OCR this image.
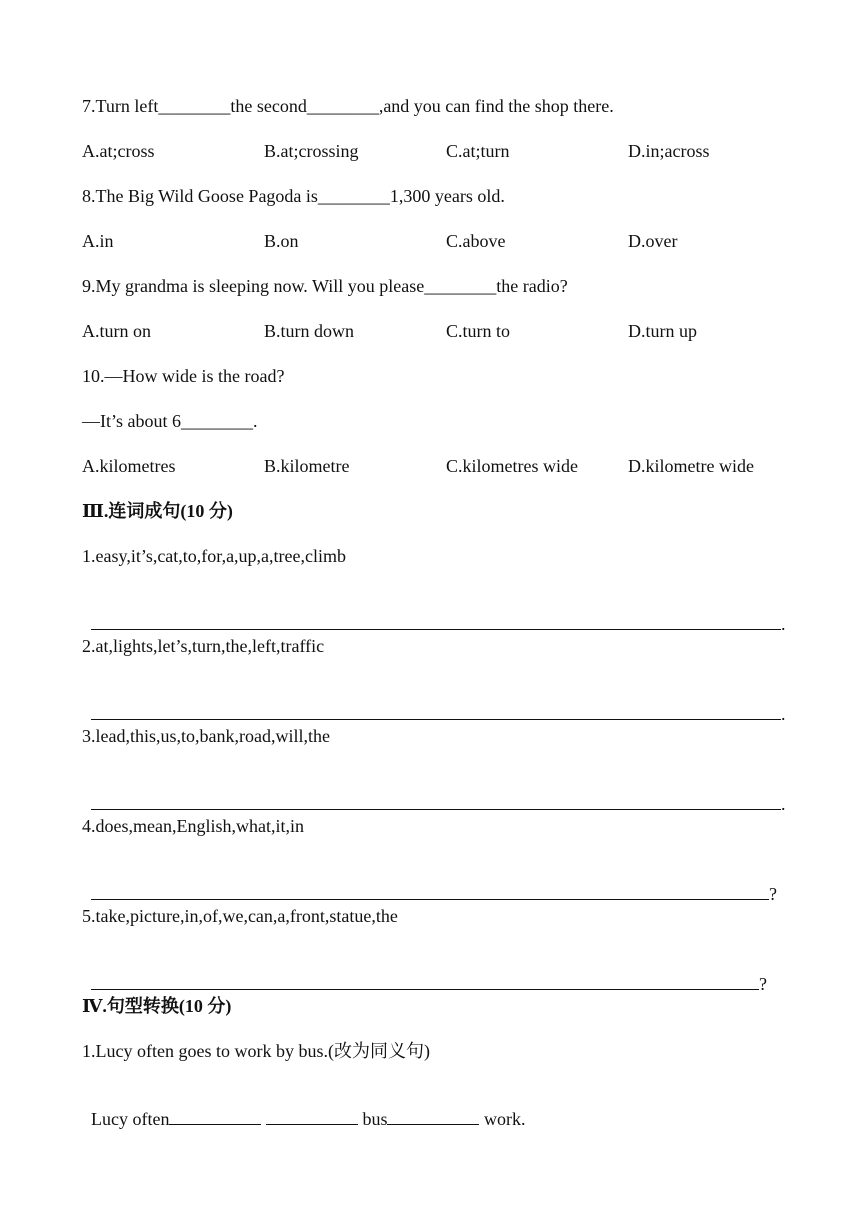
7.Turn left________the second________,and you can find the shop there.
A.at;cross	B.at;crossing	C.at;turn	D.in;across
8.The Big Wild Goose Pagoda is________1,300 years old.
A.in	B.on	C.above	D.over
9.My grandma is sleeping now. Will you please________the radio?
A.turn on	B.turn down	C.turn to	D.turn up
10.—How wide is the road?
—It’s about 6________.
A.kilometres	B.kilometre	C.kilometres wide	D.kilometre wide
Ⅲ.连词成句(10 分)
1.easy,it’s,cat,to,for,a,up,a,tree,climb

.

2.at,lights,let’s,turn,the,left,traffic

.

3.lead,this,us,to,bank,road,will,the

.

4.does,mean,English,what,it,in

?

5.take,picture,in,of,we,can,a,front,statue,the

?

Ⅳ.句型转换(10 分)
1.Lucy often goes to work by bus.(改为同义句)

Lucy often	bus	work.
